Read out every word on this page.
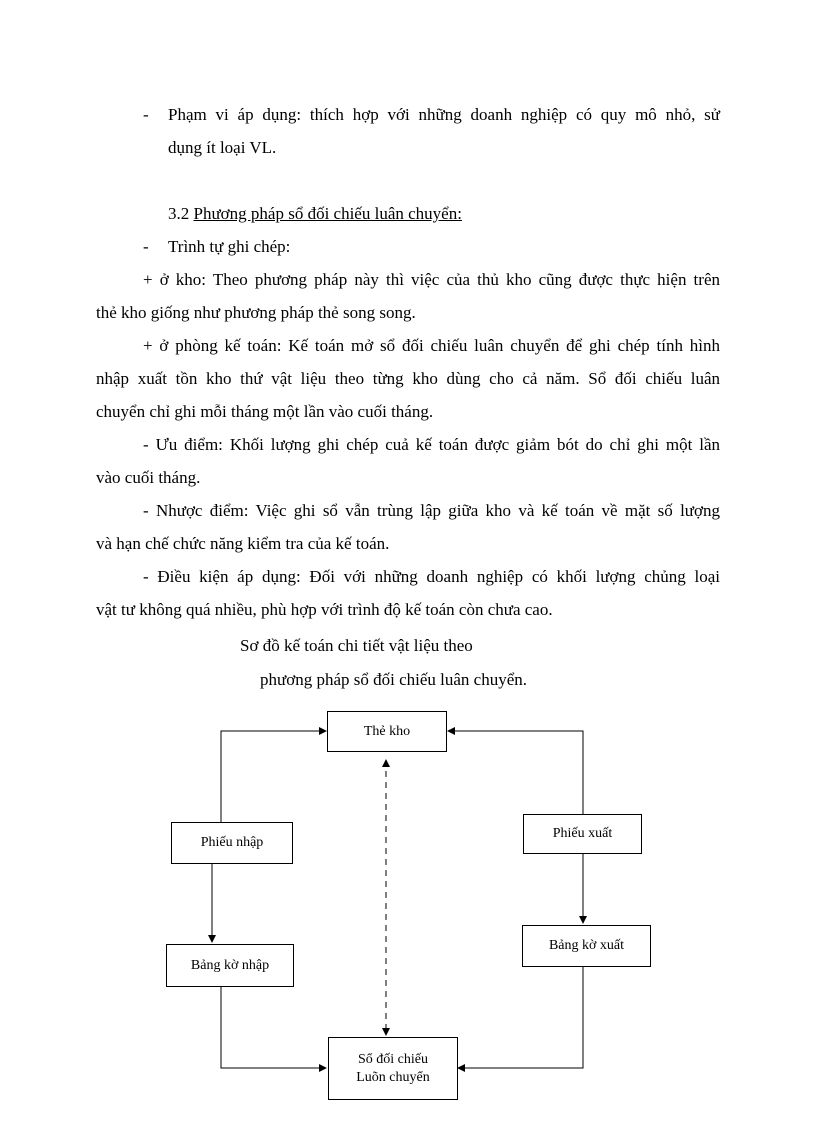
- Phạm vi áp dụng: thích hợp với những doanh nghiệp có quy mô nhỏ, sử
dụng ít loại VL.
3.2 Phương pháp sổ đối chiếu luân chuyển:
- Trình tự ghi chép:
+ ở kho: Theo phương pháp này thì việc của thủ kho cũng được thực hiện trên
thẻ kho giống như phương pháp thẻ song song.
+ ở phòng kế toán: Kế toán mở sổ đối chiếu luân chuyển để ghi chép tính hình
nhập xuất tồn kho thứ vật liệu theo từng kho dùng cho cả năm. Sổ đối chiếu luân
chuyển chỉ ghi mỗi tháng một lần vào cuối tháng.
- Ưu điểm: Khối lượng ghi chép cuả kế toán được giảm bót do chỉ ghi một lần
vào cuối tháng.
- Nhược điểm: Việc ghi sổ vẫn trùng lập giữa kho và kế toán về mặt số lượng
và hạn chế chức năng kiểm tra của kế toán.
- Điều kiện áp dụng: Đối với những doanh nghiệp có khối lượng chủng loại
vật tư không quá nhiều, phù hợp với trình độ kế toán còn chưa cao.
Sơ đồ kế toán chi tiết vật liệu theo
phương pháp sổ đối chiếu luân chuyển.
Thẻ kho
Phiếu nhập
Phiếu xuất
Bảng kờ nhập
Bảng kờ xuất
Sổ đối chiếu
Luõn chuyển
